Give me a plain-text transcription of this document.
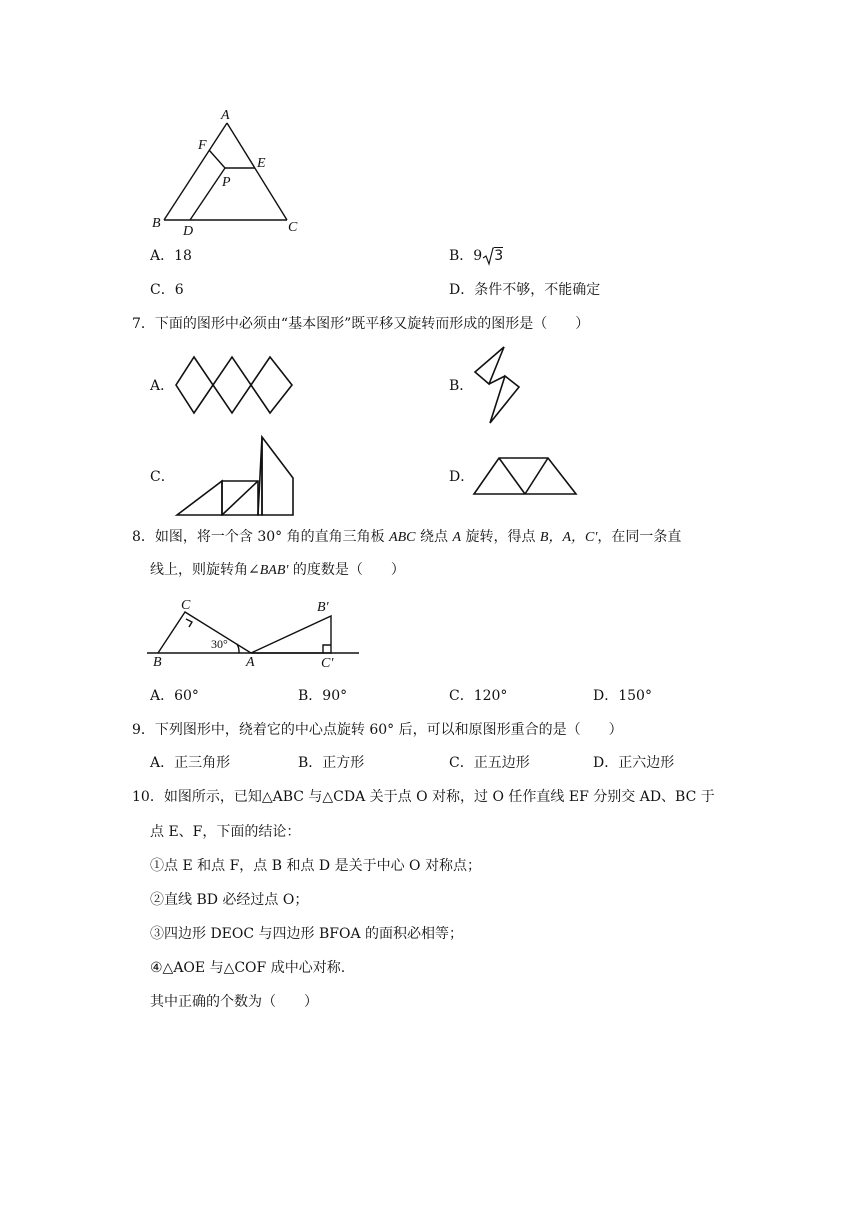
A
F
E
P
B
D	C
A．18	B．9 3
C．6	D．条件不够，不能确定
7．下面的图形中必须由“基本图形”既平移又旋转而形成的图形是（　　）
A．	B．
C．	D．
8．如图，将一个含 30° 角的直角三角板 ABC 绕点 A 旋转，得点 B，A，C′，在同一条直
线上，则旋转角∠BAB′ 的度数是（　　）
C
B	A
B′
C′
30°
A．60°	B．90°	C．120°	D．150°
9．下列图形中，绕着它的中心点旋转 60° 后，可以和原图形重合的是（　　）
A．正三角形	B．正方形	C．正五边形	D．正六边形
10．如图所示，已知△ABC 与△CDA 关于点 O 对称，过 O 任作直线 EF 分别交 AD、BC 于
点 E、F，下面的结论：
①点 E 和点 F，点 B 和点 D 是关于中心 O 对称点；
②直线 BD 必经过点 O；
③四边形 DEOC 与四边形 BFOA 的面积必相等；
④△AOE 与△COF 成中心对称.
其中正确的个数为（　　）
